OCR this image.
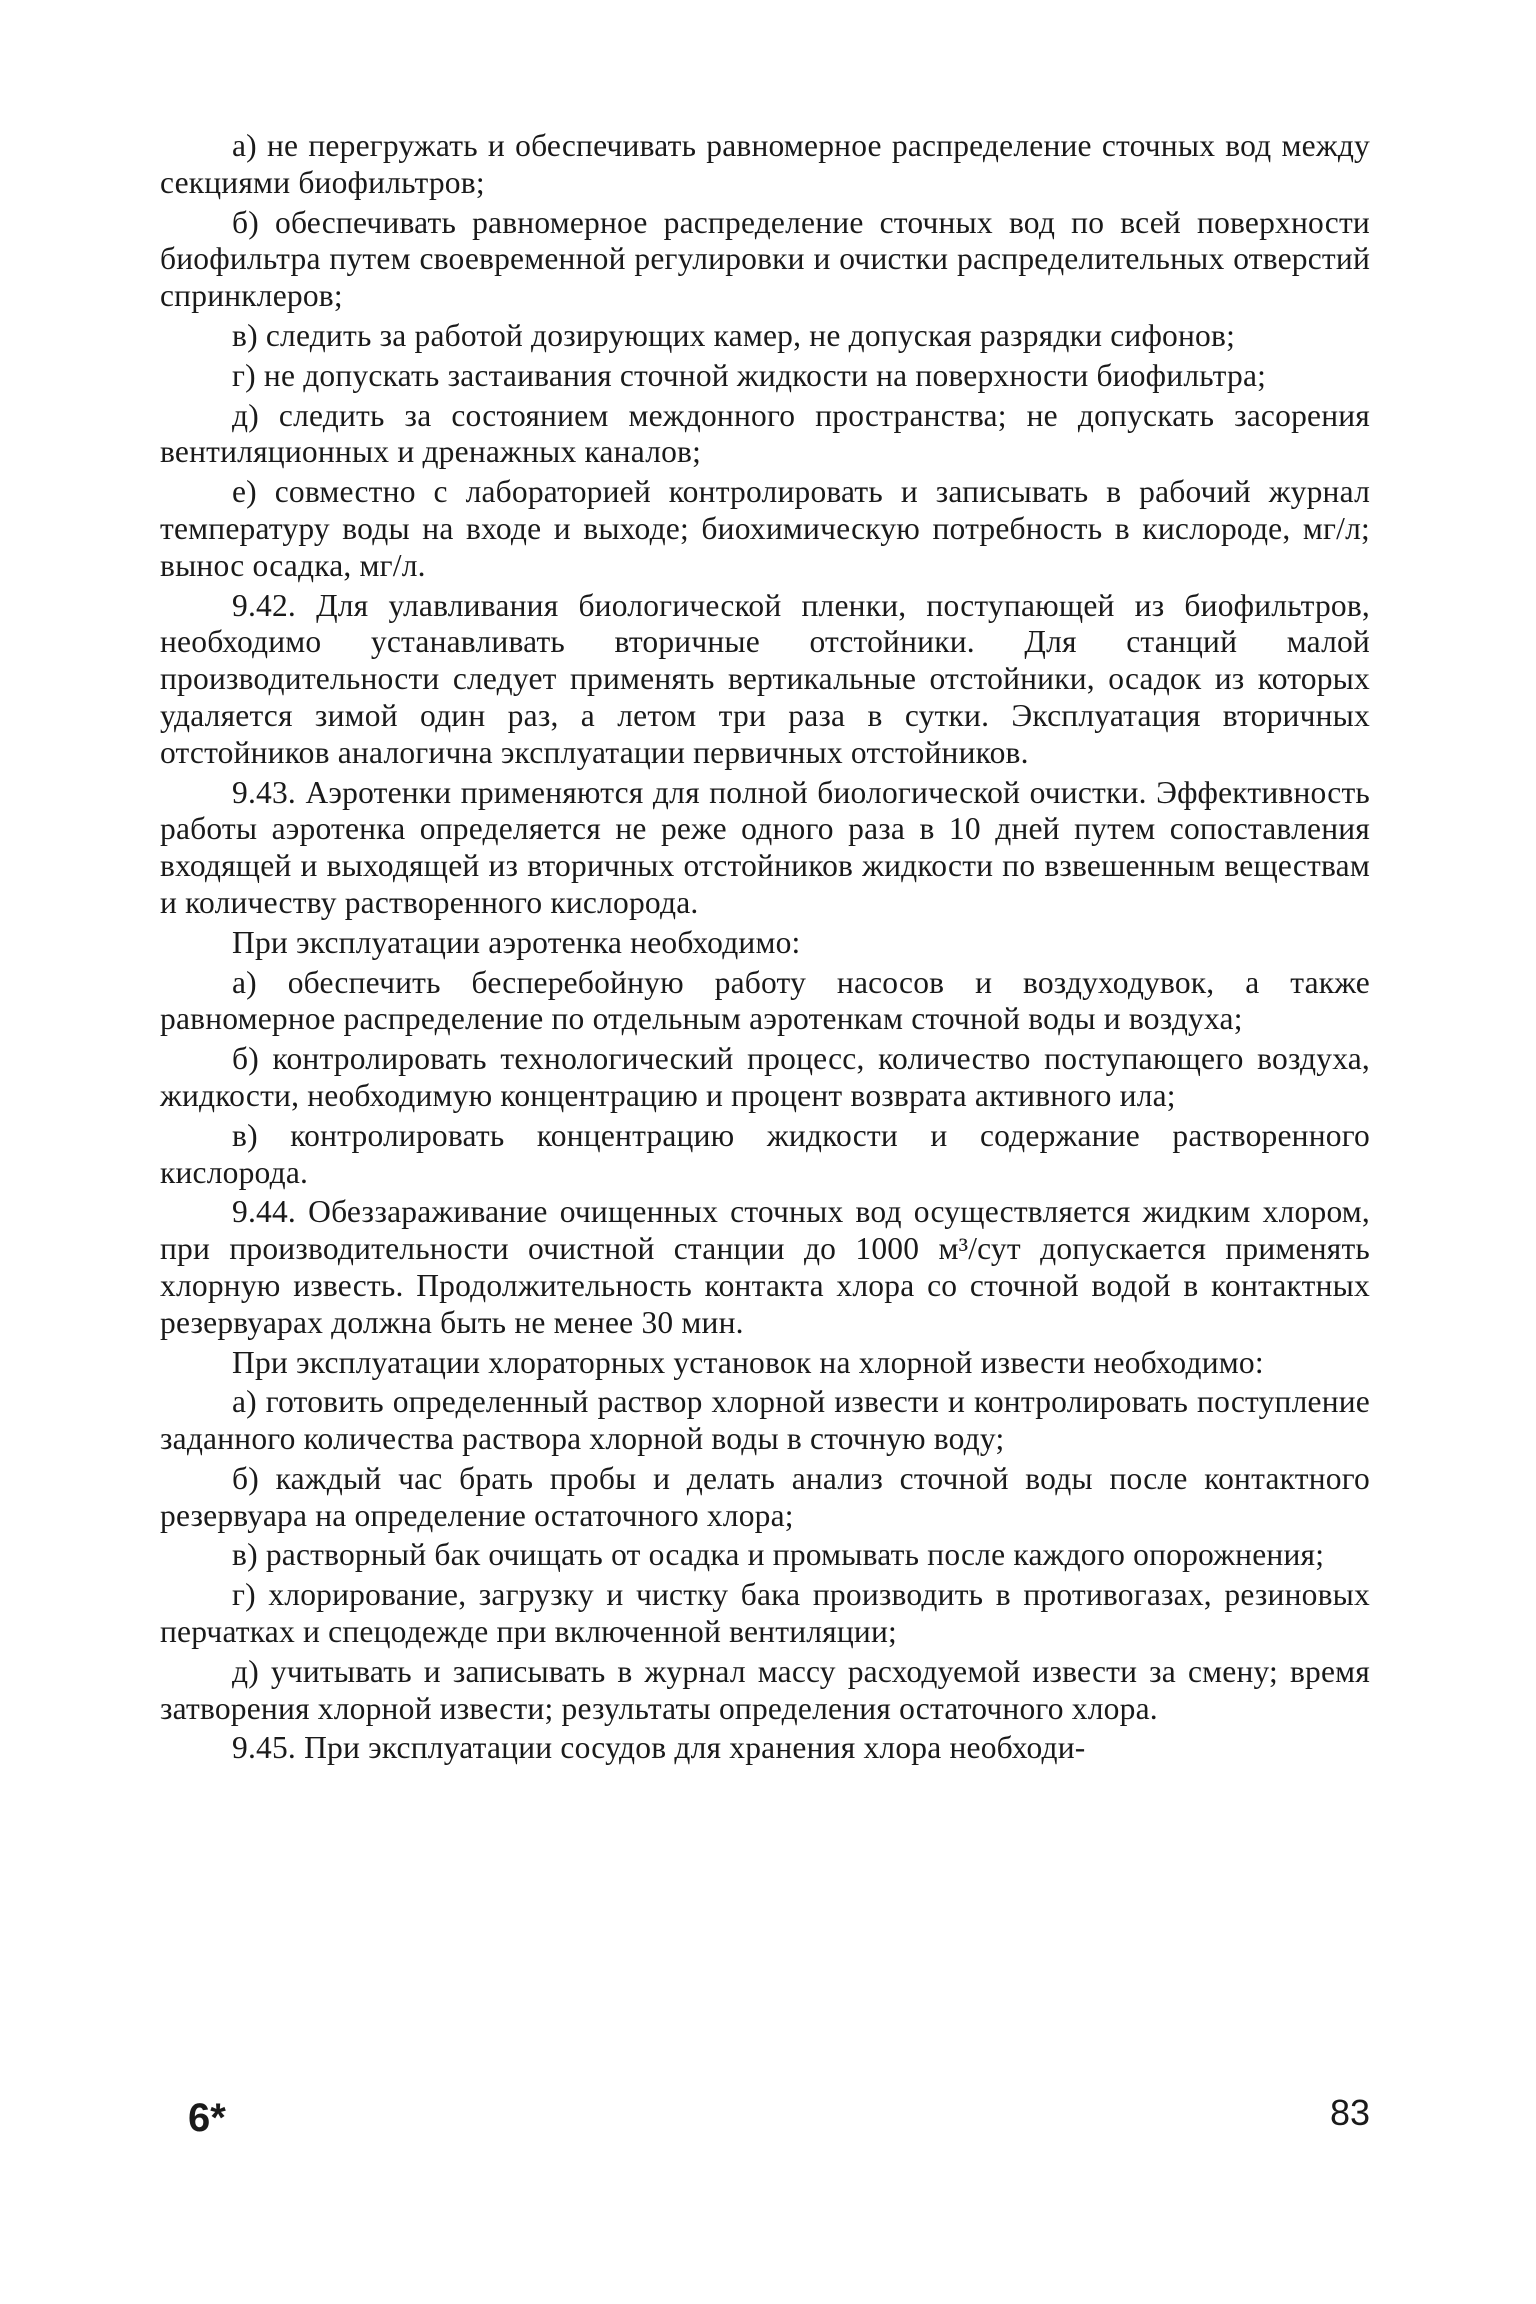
а) не перегружать и обеспечивать равномерное распределение сточных вод между секциями биофильтров;

б) обеспечивать равномерное распределение сточных вод по всей поверхности биофильтра путем своевременной регулировки и очистки распределительных отверстий спринклеров;

в) следить за работой дозирующих камер, не допуская разрядки сифонов;

г) не допускать застаивания сточной жидкости на поверхности биофильтра;

д) следить за состоянием междонного пространства; не допускать засорения вентиляционных и дренажных каналов;

е) совместно с лабораторией контролировать и записывать в рабочий журнал температуру воды на входе и выходе; биохимическую потребность в кислороде, мг/л; вынос осадка, мг/л.

9.42. Для улавливания биологической пленки, поступающей из биофильтров, необходимо устанавливать вторичные отстойники. Для станций малой производительности следует применять вертикальные отстойники, осадок из которых удаляется зимой один раз, а летом три раза в сутки. Эксплуатация вторичных отстойников аналогична эксплуатации первичных отстойников.

9.43. Аэротенки применяются для полной биологической очистки. Эффективность работы аэротенка определяется не реже одного раза в 10 дней путем сопоставления входящей и выходящей из вторичных отстойников жидкости по взвешенным веществам и количеству растворенного кислорода.

При эксплуатации аэротенка необходимо:

а) обеспечить бесперебойную работу насосов и воздуходувок, а также равномерное распределение по отдельным аэротенкам сточной воды и воздуха;

б) контролировать технологический процесс, количество поступающего воздуха, жидкости, необходимую концентрацию и процент возврата активного ила;

в) контролировать концентрацию жидкости и содержание растворенного кислорода.

9.44. Обеззараживание очищенных сточных вод осуществляется жидким хлором, при производительности очистной станции до 1000 м³/сут допускается применять хлорную известь. Продолжительность контакта хлора со сточной водой в контактных резервуарах должна быть не менее 30 мин.

При эксплуатации хлораторных установок на хлорной извести необходимо:

а) готовить определенный раствор хлорной извести и контролировать поступление заданного количества раствора хлорной воды в сточную воду;

б) каждый час брать пробы и делать анализ сточной воды после контактного резервуара на определение остаточного хлора;

в) растворный бак очищать от осадка и промывать после каждого опорожнения;

г) хлорирование, загрузку и чистку бака производить в противогазах, резиновых перчатках и спецодежде при включенной вентиляции;

д) учитывать и записывать в журнал массу расходуемой извести за смену; время затворения хлорной извести; результаты определения остаточного хлора.

9.45. При эксплуатации сосудов для хранения хлора необходи-

6*	83
